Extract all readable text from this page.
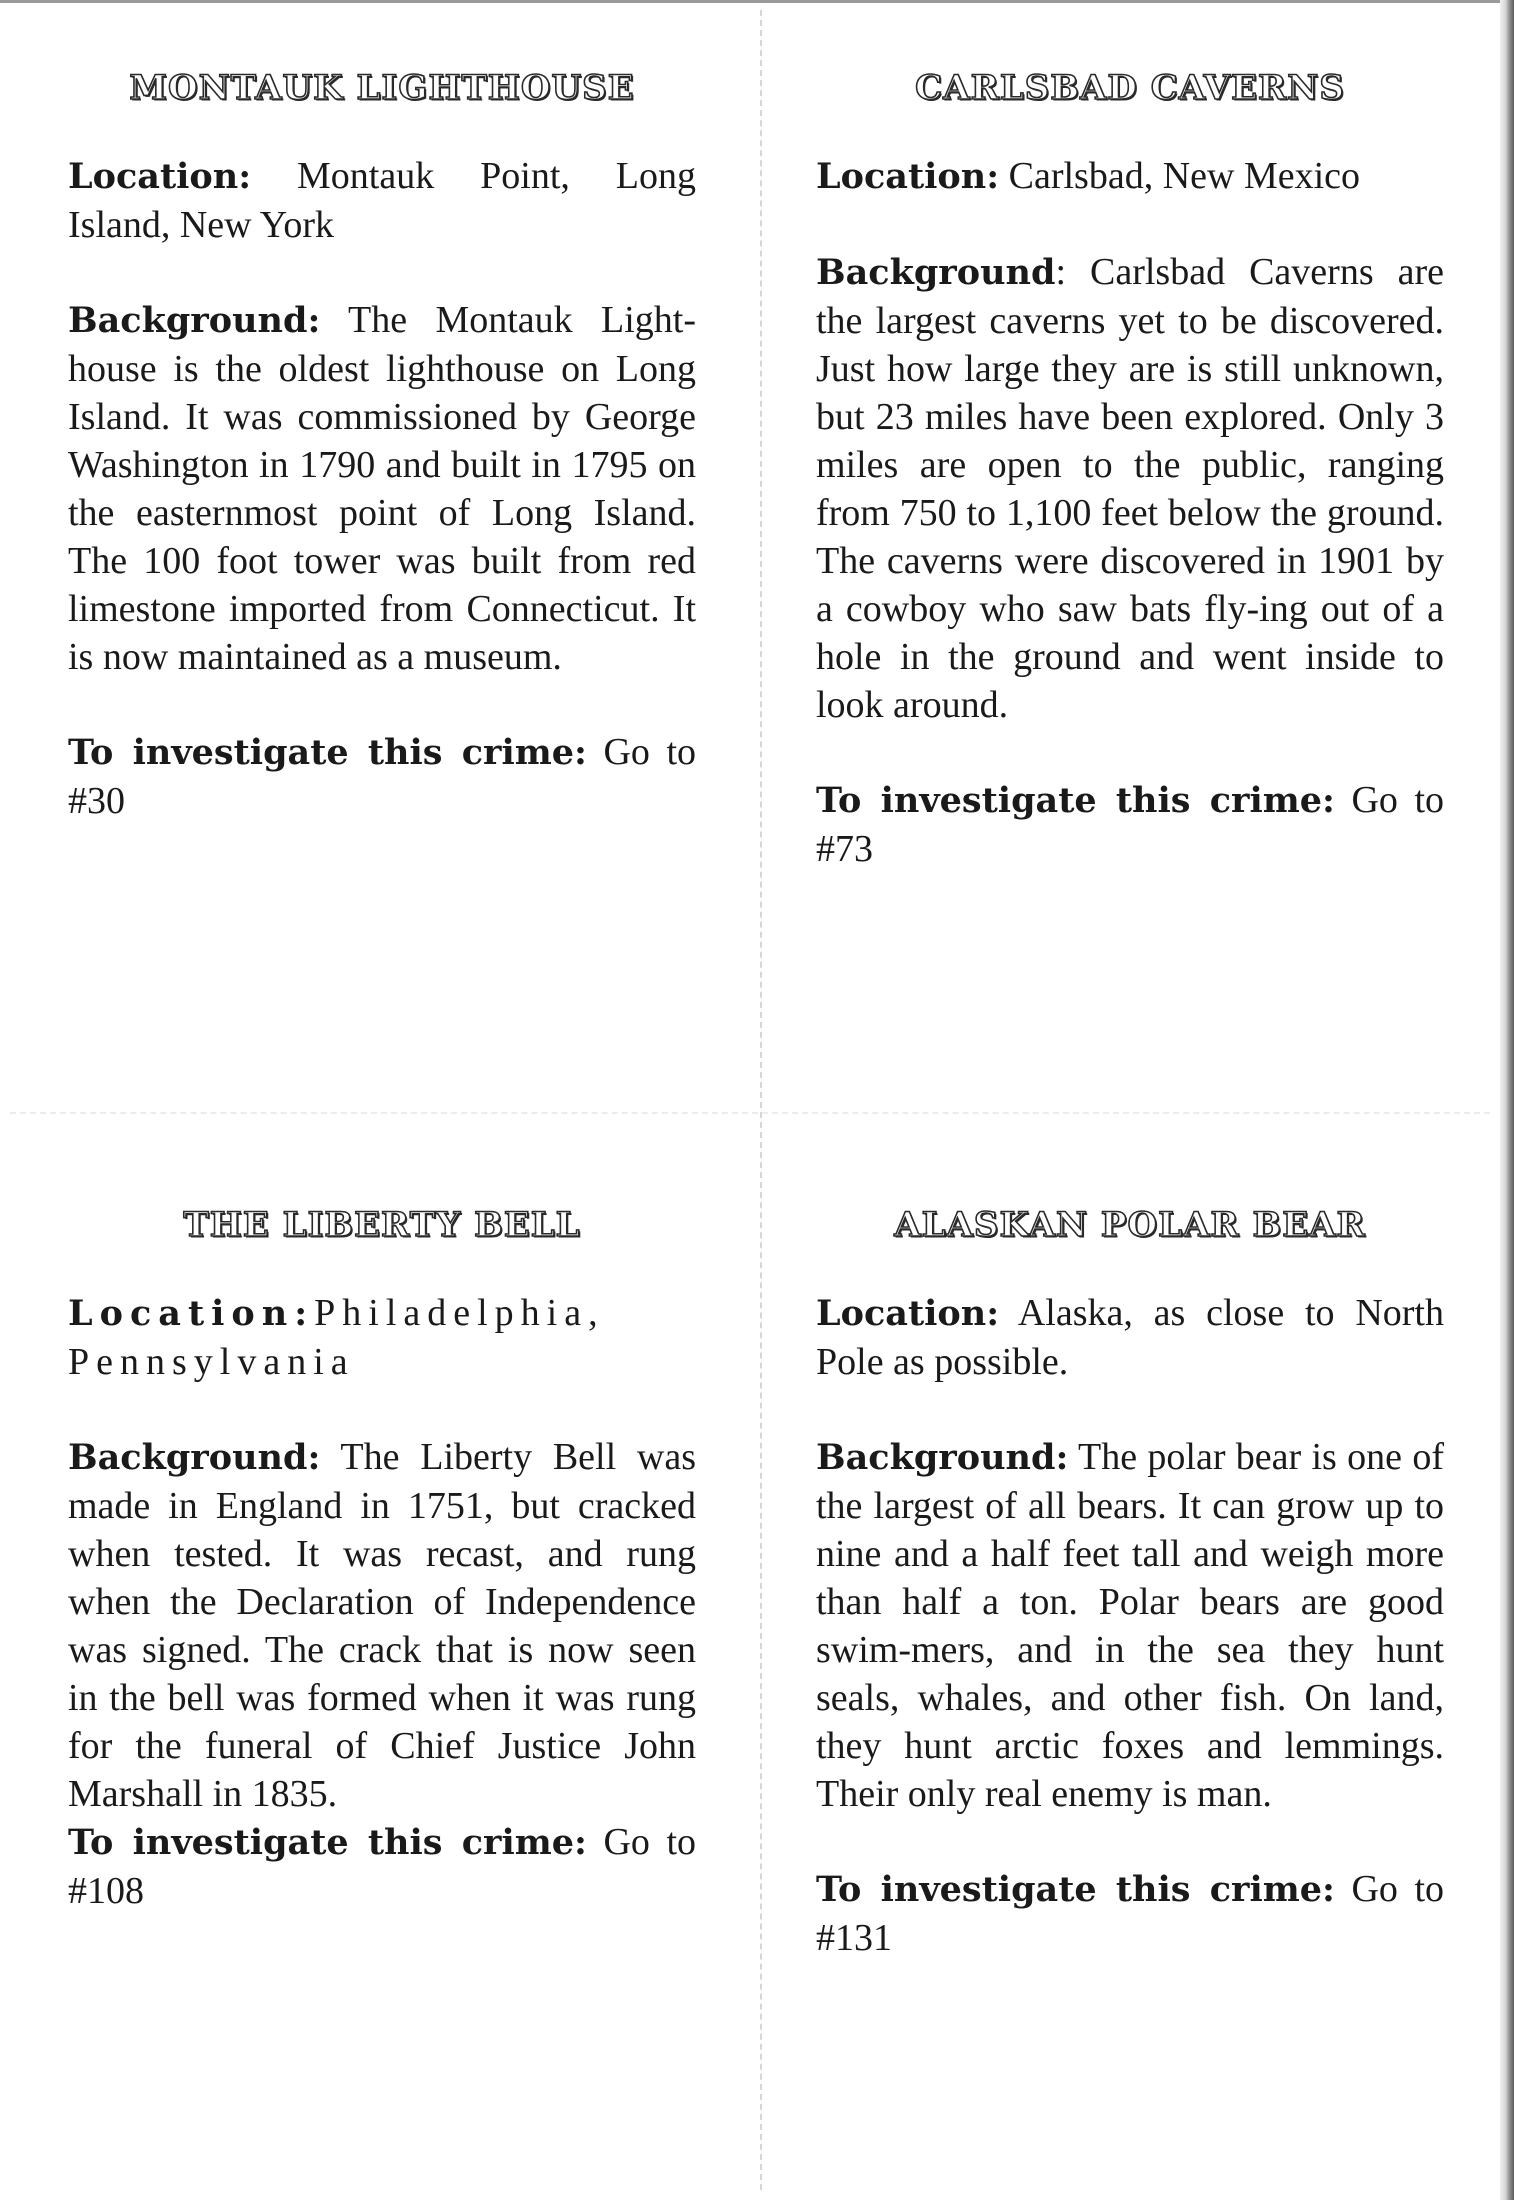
MONTAUK LIGHTHOUSE

Location: Montauk Point, Long Island, New York

Background: The Montauk Light-house is the oldest lighthouse on Long Island. It was commissioned by George Washington in 1790 and built in 1795 on the easternmost point of Long Island. The 100 foot tower was built from red limestone imported from Connecticut. It is now maintained as a museum.

To investigate this crime: Go to #30

CARLSBAD CAVERNS

Location: Carlsbad, New Mexico

Background: Carlsbad Caverns are the largest caverns yet to be discovered. Just how large they are is still unknown, but 23 miles have been explored. Only 3 miles are open to the public, ranging from 750 to 1,100 feet below the ground. The caverns were discovered in 1901 by a cowboy who saw bats fly-ing out of a hole in the ground and went inside to look around.

To investigate this crime: Go to #73

THE LIBERTY BELL

Location:Philadelphia, Pennsylvania

Background: The Liberty Bell was made in England in 1751, but cracked when tested. It was recast, and rung when the Declaration of Independence was signed. The crack that is now seen in the bell was formed when it was rung for the funeral of Chief Justice John Marshall in 1835.

To investigate this crime: Go to #108

ALASKAN POLAR BEAR

Location: Alaska, as close to North Pole as possible.

Background: The polar bear is one of the largest of all bears. It can grow up to nine and a half feet tall and weigh more than half a ton. Polar bears are good swim-mers, and in the sea they hunt seals, whales, and other fish. On land, they hunt arctic foxes and lemmings. Their only real enemy is man.

To investigate this crime: Go to #131
